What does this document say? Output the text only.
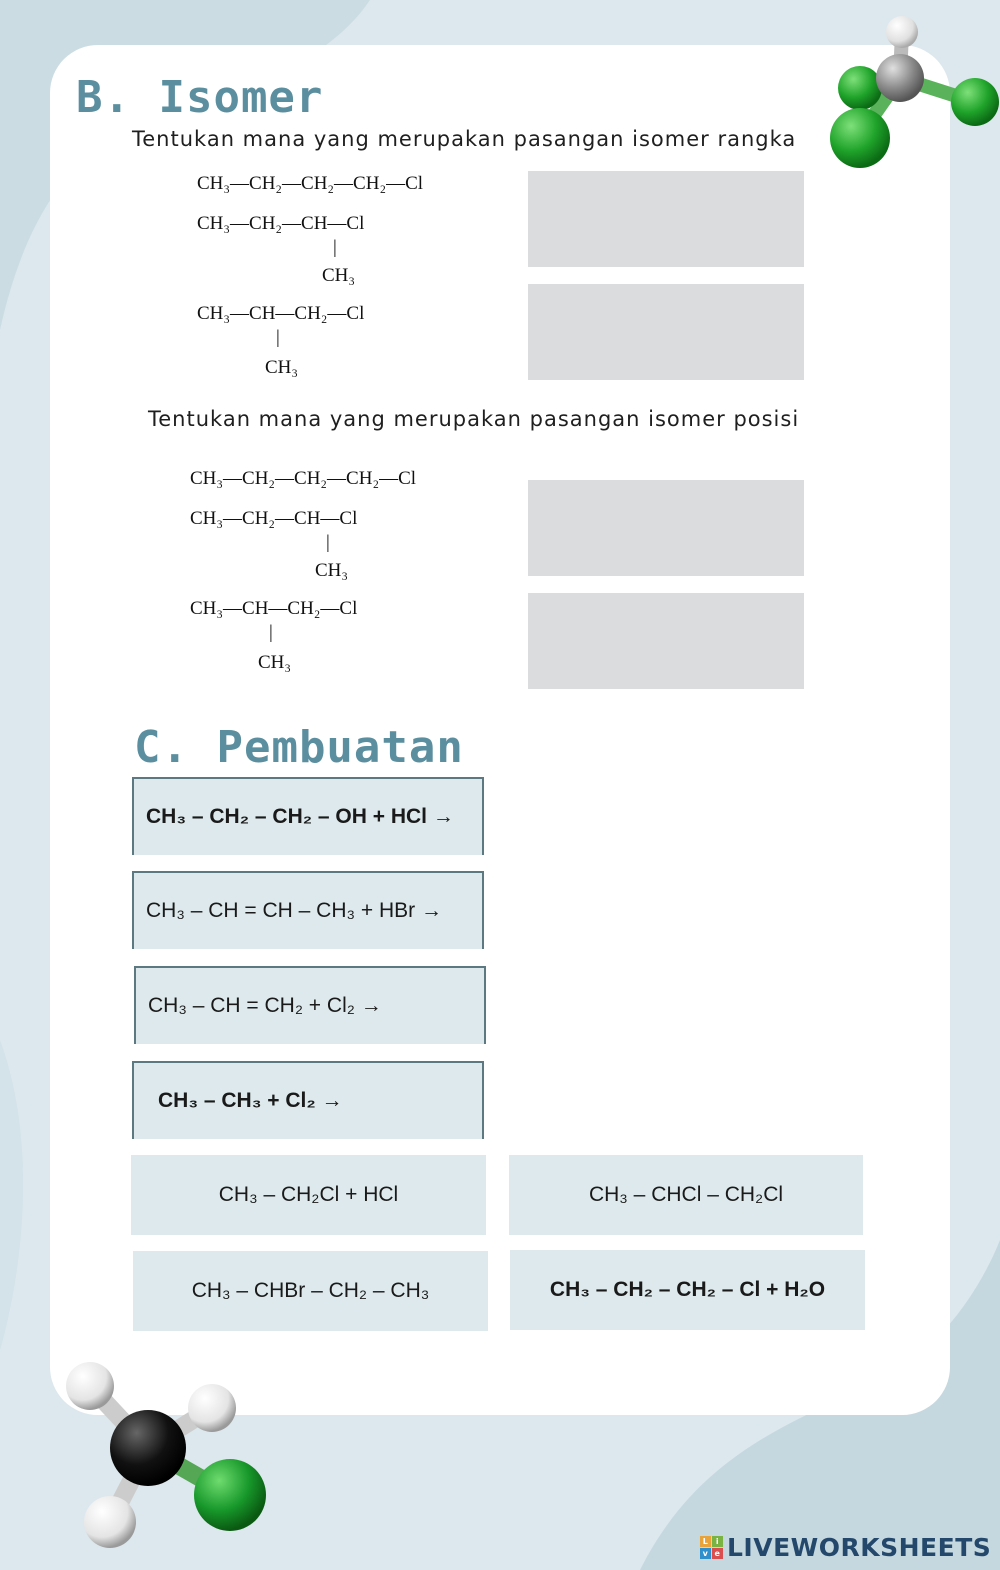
B. Isomer
Tentukan mana yang merupakan pasangan isomer rangka
CH₃—CH₂—CH₂—CH₂—Cl
CH₃—CH₂—CH—Cl
|
CH₃
CH₃—CH—CH₂—Cl
|
CH₃
Tentukan mana yang merupakan pasangan isomer posisi
CH₃—CH₂—CH₂—CH₂—Cl
CH₃—CH₂—CH—Cl
|
CH₃
CH₃—CH—CH₂—Cl
|
CH₃
C. Pembuatan
CH₃ – CH₂ – CH₂ – OH + HCl →
CH₃ – CH = CH – CH₃ + HBr →
CH₃ – CH = CH₂ + Cl₂ →
CH₃ – CH₃ + Cl₂ →
CH₃ – CH₂Cl + HCl	CH₃ – CHCl – CH₂Cl
CH₃ – CHBr – CH₂ – CH₃	CH₃ – CH₂ – CH₂ – Cl + H₂O
L i
v e LIVEWORKSHEETS
